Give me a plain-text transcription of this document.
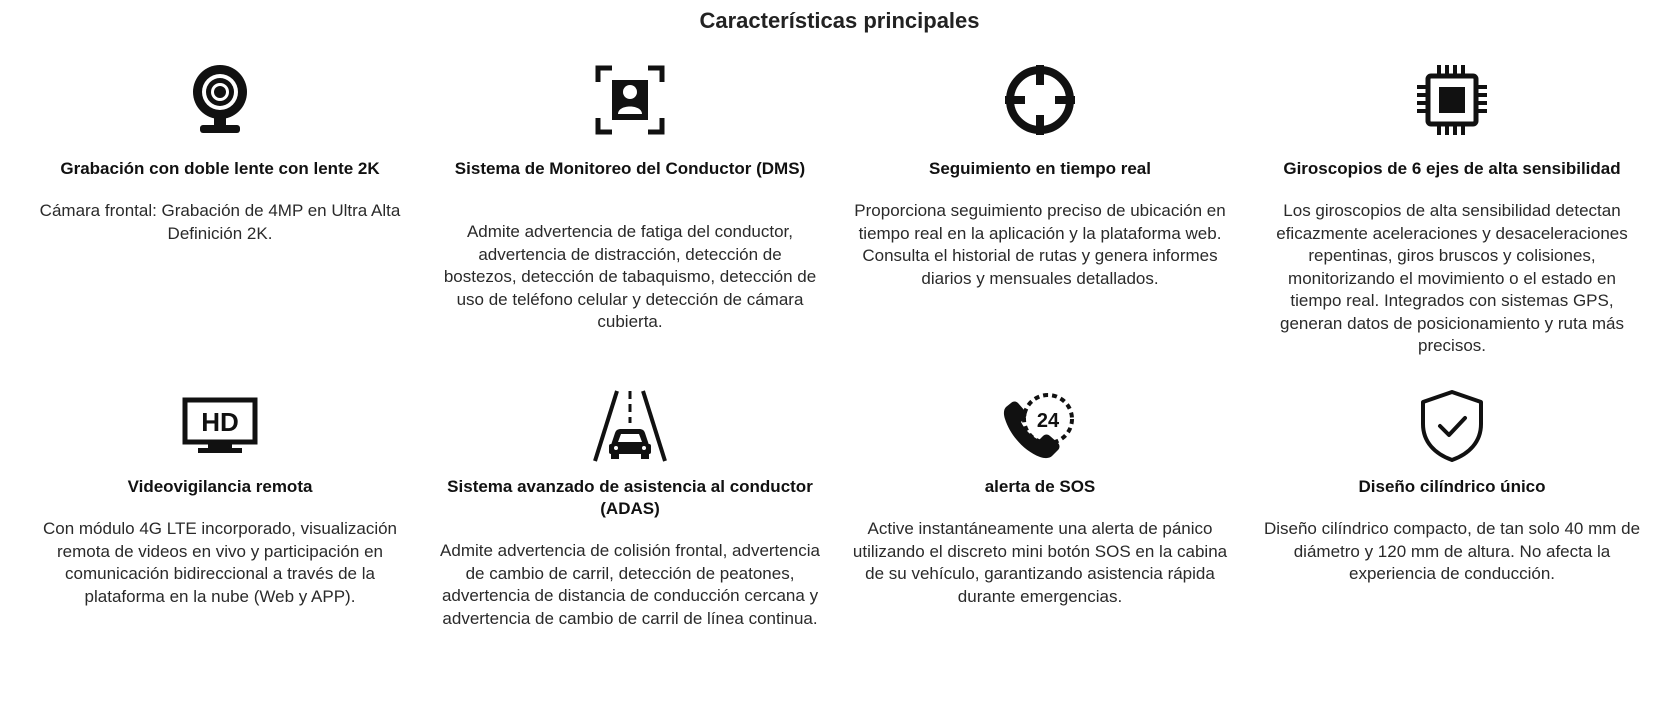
Características principales
Grabación con doble lente con lente 2K

Cámara frontal: Grabación de 4MP en Ultra Alta Definición 2K.

Sistema de Monitoreo del Conductor (DMS)

Admite advertencia de fatiga del conductor, advertencia de distracción, detección de bostezos, detección de tabaquismo, detección de uso de teléfono celular y detección de cámara cubierta.

Seguimiento en tiempo real

Proporciona seguimiento preciso de ubicación en tiempo real en la aplicación y la plataforma web. Consulta el historial de rutas y genera informes diarios y mensuales detallados.

Giroscopios de 6 ejes de alta sensibilidad

Los giroscopios de alta sensibilidad detectan eficazmente aceleraciones y desaceleraciones repentinas, giros bruscos y colisiones, monitorizando el movimiento o el estado en tiempo real. Integrados con sistemas GPS, generan datos de posicionamiento y ruta más precisos.

HD
Videovigilancia remota

Con módulo 4G LTE incorporado, visualización remota de videos en vivo y participación en comunicación bidireccional a través de la plataforma en la nube (Web y APP).

Sistema avanzado de asistencia al conductor (ADAS)

Admite advertencia de colisión frontal, advertencia de cambio de carril, detección de peatones, advertencia de distancia de conducción cercana y advertencia de cambio de carril de línea continua.

24
alerta de SOS

Active instantáneamente una alerta de pánico utilizando el discreto mini botón SOS en la cabina de su vehículo, garantizando asistencia rápida durante emergencias.

Diseño cilíndrico único

Diseño cilíndrico compacto, de tan solo 40 mm de diámetro y 120 mm de altura. No afecta la experiencia de conducción.
